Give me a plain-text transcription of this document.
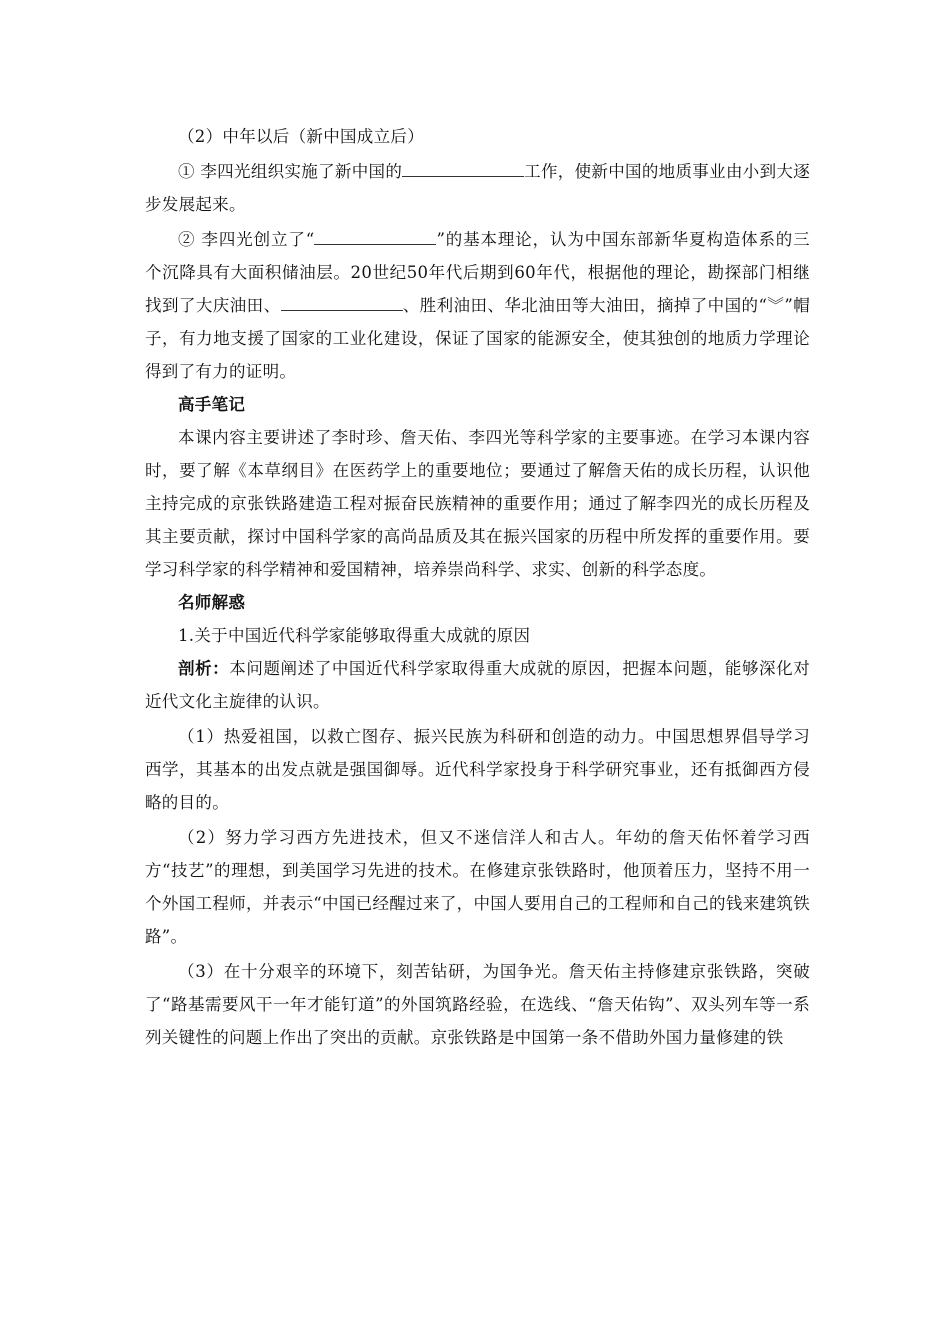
（2）中年以后（新中国成立后）

① 李四光组织实施了新中国的	工作，使新中国的地质事业由小到大逐步发展起来。

② 李四光创立了“	”的基本理论，认为中国东部新华夏构造体系的三个沉降具有大面积储油层。20世纪50年代后期到60年代，根据他的理论，勘探部门相继找到了大庆油田、	、胜利油田、华北油田等大油田，摘掉了中国的“︾”帽子，有力地支援了国家的工业化建设，保证了国家的能源安全，使其独创的地质力学理论得到了有力的证明。

高手笔记

本课内容主要讲述了李时珍、詹天佑、李四光等科学家的主要事迹。在学习本课内容时，要了解《本草纲目》在医药学上的重要地位；要通过了解詹天佑的成长历程，认识他主持完成的京张铁路建造工程对振奋民族精神的重要作用；通过了解李四光的成长历程及其主要贡献，探讨中国科学家的高尚品质及其在振兴国家的历程中所发挥的重要作用。要学习科学家的科学精神和爱国精神，培养崇尚科学、求实、创新的科学态度。

名师解惑

1.关于中国近代科学家能够取得重大成就的原因

剖析：本问题阐述了中国近代科学家取得重大成就的原因，把握本问题，能够深化对近代文化主旋律的认识。

（1）热爱祖国，以救亡图存、振兴民族为科研和创造的动力。中国思想界倡导学习西学，其基本的出发点就是强国御辱。近代科学家投身于科学研究事业，还有抵御西方侵略的目的。

（2）努力学习西方先进技术，但又不迷信洋人和古人。年幼的詹天佑怀着学习西方“技艺”的理想，到美国学习先进的技术。在修建京张铁路时，他顶着压力，坚持不用一个外国工程师，并表示“中国已经醒过来了，中国人要用自己的工程师和自己的钱来建筑铁路”。

（3）在十分艰辛的环境下，刻苦钻研，为国争光。詹天佑主持修建京张铁路，突破了“路基需要风干一年才能钉道”的外国筑路经验，在选线、“詹天佑钩”、双头列车等一系列关键性的问题上作出了突出的贡献。京张铁路是中国第一条不借助外国力量修建的铁
